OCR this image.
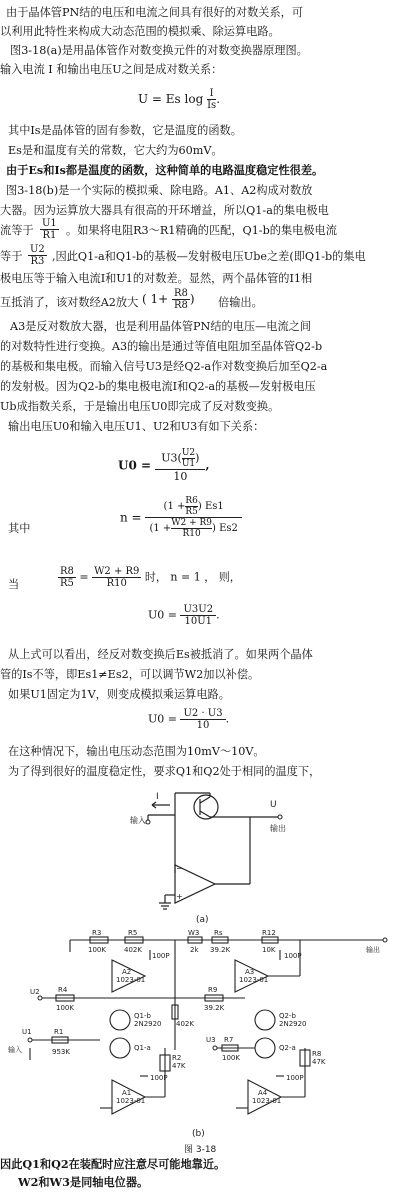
由于晶体管PN结的电压和电流之间具有很好的对数关系，可
以利用此特性来构成大动态范围的模拟乘、除运算电路。
图3-18(a)是用晶体管作对数变换元件的对数变换器原理图。
输入电流 I 和输出电压U之间是成对数关系：
U = Es $\log \frac{I}{Is}$ .
其中Is是晶体管的固有参数，它是温度的函数。
Es是和温度有关的常数，它大约为60mV。
由于Es和Is都是温度的函数，这种简单的电路温度稳定性很差。
图3-18(b)是一个实际的模拟乘、除电路。A1、A2构成对数放
大器。因为运算放大器具有很高的开环增益，所以Q1-a的集电极电
流等于 $\frac{U1}{R1}$ 。如果将电阻R3～R1精确的匹配，Q1-b的集电极电流
等于 $\frac{U2}{R3}$ ,因此Q1-a和Q1-b的基极—发射极电压Ube之差(即Q1-b的集电
极电压等于输入电流I和U1的对数差。显然，两个晶体管的I1相
互抵消了，该对数经A2放大 ( $1+ \frac{R8}{R8}$ ) 倍输出。
A3是反对数放大器，也是利用晶体管PN结的电压—电流之间
的对数特性进行变换。A3的输出是通过等值电阻加至晶体管Q2-b
的基极和集电极。而输入信号U3是经Q2-a作对数变换后加至Q2-a
的发射极。因为Q2-b的集电极电流I和Q2-a的基极—发射极电压
Ub成指数关系，于是输出电压U0即完成了反对数变换。
输出电压U0和输入电压U1、U2和U3有如下关系：
$U0 = \frac{U3( \frac{U2}{U1} )}{10}$ ,
其中
$n = \frac{(1 + \frac{R6}{R5} ) Es1}{(1 + \frac{W2 + R9}{R10} ) Es2}$
当	$\frac{R8}{R5} = \frac{W2 + R9}{R10}$ 时， n = 1 ， 则，
$U0 = \frac{U3U2}{10U1}$ .
从上式可以看出，经反对数变换后Es被抵消了。如果两个晶体
管的Is不等，即Es1≠Es2，可以调节W2加以补偿。
如果U1固定为1V，则变成模拟乘运算电路。
$U0 = \frac{U2 \cdot U3}{10}$ .
在这种情况下，输出电压动态范围为10mV～10V。
为了得到很好的温度稳定性，要求Q1和Q2处于相同的温度下，
−
+
I
U
输入
输出
(a)
R3
100K
R5
402K
W3
2k
Rs
39.2K
R12
10K
100P	100P
A2
1023-01
A3
1023-01
R4
100K
402K
R9
39.2K
Q1-b
2N2920
Q2-b
2N2920
Q1-a	Q2-a
U2
U1
U3
输入
R1
953K
R7
100K
R2
47K
R8
47K
100P	100P
A1
1023-01
A4
1023-01
输出
(b)
图 3-18
因此Q1和Q2在装配时应注意尽可能地靠近。
W2和W3是同轴电位器。
